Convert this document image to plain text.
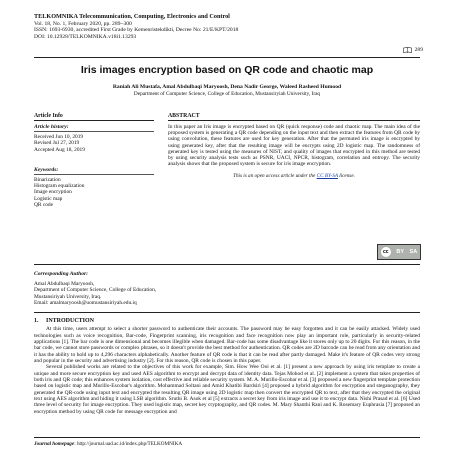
TELKOMNIKA Telecommunication, Computing, Electronics and Control
Vol. 18, No. 1, February 2020, pp. 289~300
ISSN: 1693-6930, accredited First Grade by Kemenristekdikti, Decree No: 21/E/KPT/2018
DOI: 10.12928/TELKOMNIKA.v18i1.13293
289
Iris images encryption based on QR code and chaotic map
Raniah Ali Mustafa, Amal Abdulbaqi Maryoosh, Dena Nadir George, Waleed Rasheed Humood
Department of Computer Science, College of Education, Mustansiryiah University, Iraq
Article Info
Article history:
Received Jun 10, 2019
Revised Jul 27, 2019
Accepted Aug 18, 2019
Keywords:
Binarization
Histogram equalization
Image encryption
Logistic map
QR code
ABSTRACT
In this paper an Iris image is encrypted based on QR (quick response) code and chaotic map. The main idea of the proposed system is generating a QR code depending on the input text and then extract the features from QR code by using convolution, these features are used for key generation. After that the permuted iris image is encrypted by using generated key, after that the resulting image will be encrypts using 2D logistic map. The randomness of generated key is tested using the measures of NIST, and quality of images that encrypted in this method are tested by using security analysis tests such as PSNR, UACI, NPCR, histogram, correlation and entropy. The security analysis shows that the proposed system is secure for iris image encryption.
This is an open access article under the CC BY-SA license.
cc	BY SA
Corresponding Author:
Amal Abdulbaqi Maryoosh,
Department of Computer Science, College of Education,
Mustansiriyah University, Iraq.
Email: amalmaryoosh@uomustansiriyah.edu.iq
1. INTRODUCTION

At this time, users attempt to select a shorter password to authenticate their accounts. The password may be easy forgotten and it can be easily attacked. Widely used technologies such as voice recognition, Bar-code, Fingerprint scanning, iris recognition and face recognition now play an important role, particularly in security-related applications [1]. The bar code is one dimensional and becomes illegible when damaged. Bar-code has some disadvantage like it stores only up to 20 digits. For this reason, in the bar code, we cannot store passwords or complex phrases, so it doesn't provide the best method for authentication. QR codes are 2D barcode can be read from any orientation and it has the ability to hold up to 4,296 characters alphabetically. Another feature of QR code is that it can be read after partly damaged. Make it's feature of QR codes very strong and popular in the security and advertising industry [2]. For this reason, QR code is chosen in this paper.

Several published works are related to the objectives of this work for example, Sim. How Wee Ooi et al. [1] present a new approach by using iris template to create a unique and more secure encryption key and used AES algorithm to encrypt and decrypt data of identity data. Tejas Mohod et al. [2] implement a system that takes properties of both iris and QR code; this enhances system isolation, cost effective and reliable security system. M. A. Murillo-Escobar et al. [3] proposed a new fingerprint template protection based on logistic map and Murillo-Escobar's algorithm. Mohammad Soltani and Amid Khatibi Bardsiri [4] proposed a hybrid algorithm for encryption and steganography, they generated the QR-code using input text and encrypted the resulting QR image using 2D logistic map then convert the encrypted QR to text, after that they encrypted the original text using AES algorithm and hiding it using LSB algorithm. Sruthi B. Asok et al [5] extracts a secret key from iris image and use it to encrypt data. Nishi Prasad et al. [6] Used three level of security for image encryption. They used logistic map, secret key cryptography, and QR codes. M. Mary Shanthi Rani and K. Rosemary Euphrasia [7] proposed an encryption method by using QR code for message encryption and

Journal homepage: http://journal.uad.ac.id/index.php/TELKOMNIKA
